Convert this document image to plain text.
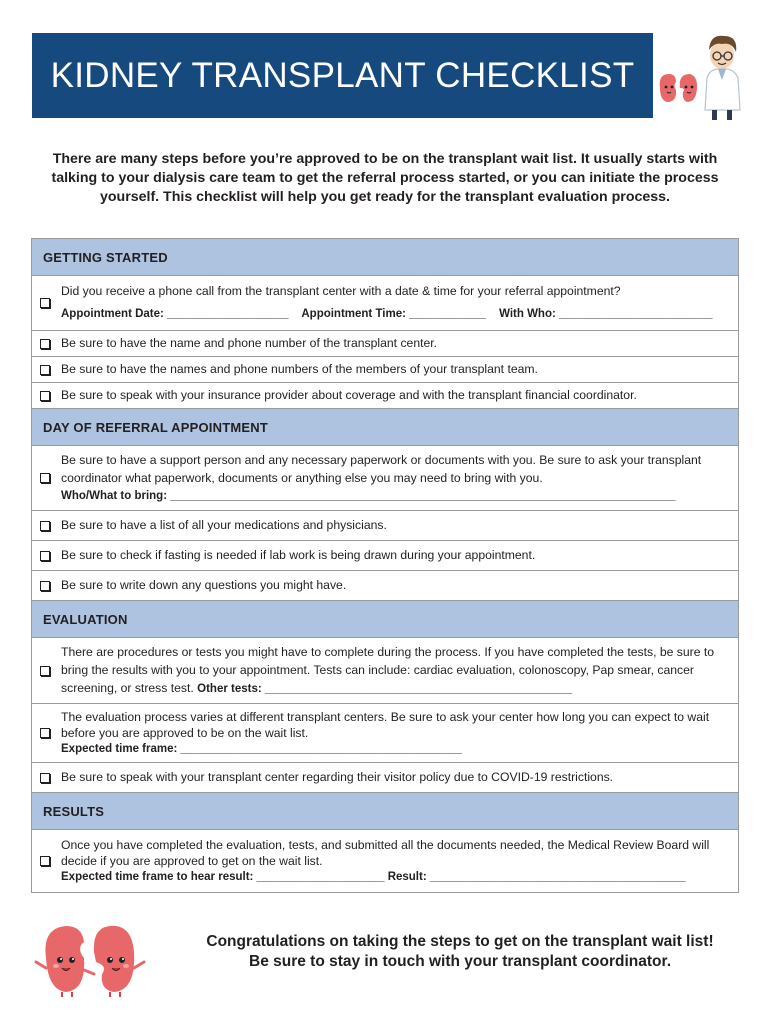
KIDNEY TRANSPLANT CHECKLIST
There are many steps before you’re approved to be on the transplant wait list. It usually starts with talking to your dialysis care team to get the referral process started, or you can initiate the process yourself. This checklist will help you get ready for the transplant evaluation process.
GETTING STARTED
Did you receive a phone call from the transplant center with a date & time for your referral appointment?
Appointment Date: ___________________ Appointment Time: ____________ With Who: ________________________
Be sure to have the name and phone number of the transplant center.
Be sure to have the names and phone numbers of the members of your transplant team.
Be sure to speak with your insurance provider about coverage and with the transplant financial coordinator.
DAY OF REFERRAL APPOINTMENT
Be sure to have a support person and any necessary paperwork or documents with you. Be sure to ask your transplant coordinator what paperwork, documents or anything else you may need to bring with you.
Who/What to bring: _______________________________________________________________________________
Be sure to have a list of all your medications and physicians.
Be sure to check if fasting is needed if lab work is being drawn during your appointment.
Be sure to write down any questions you might have.
EVALUATION
There are procedures or tests you might have to complete during the process. If you have completed the tests, be sure to bring the results with you to your appointment. Tests can include: cardiac evaluation, colonoscopy, Pap smear, cancer screening, or stress test. Other tests: ________________________________________________
The evaluation process varies at different transplant centers. Be sure to ask your center how long you can expect to wait before you are approved to be on the wait list.
Expected time frame: ____________________________________________
Be sure to speak with your transplant center regarding their visitor policy due to COVID-19 restrictions.
RESULTS
Once you have completed the evaluation, tests, and submitted all the documents needed, the Medical Review Board will decide if you are approved to get on the wait list.
Expected time frame to hear result: ____________________ Result: ________________________________________
Congratulations on taking the steps to get on the transplant wait list!
Be sure to stay in touch with your transplant coordinator.
